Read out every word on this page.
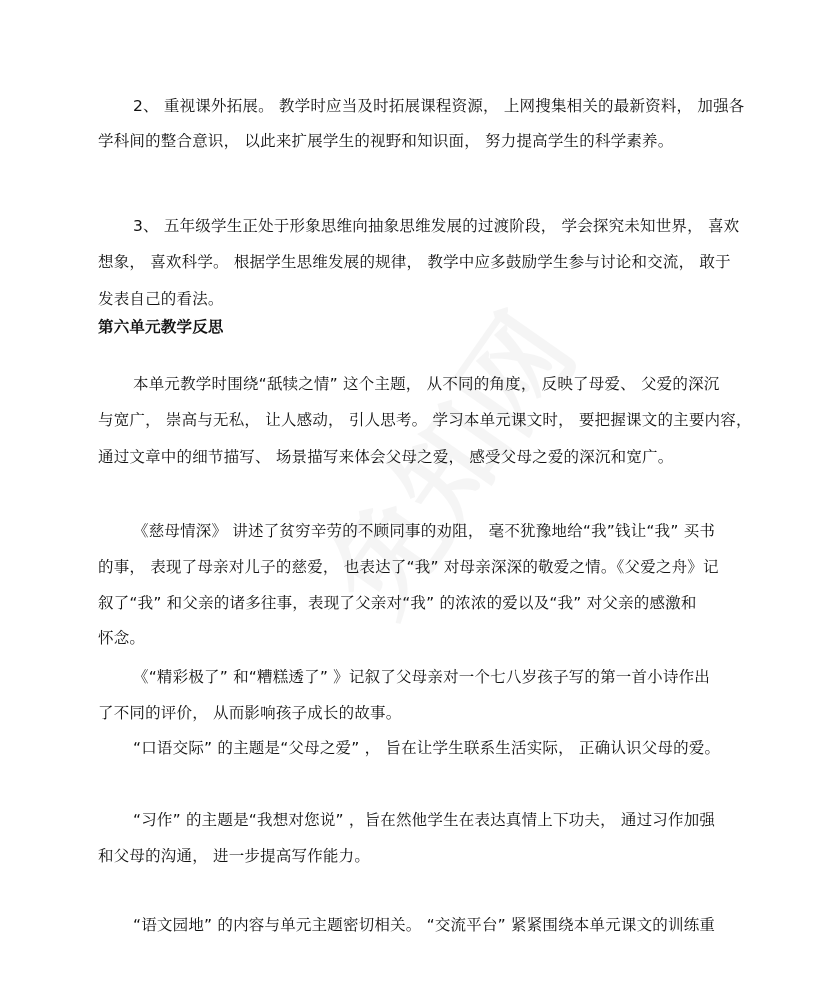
2、 重视课外拓展。 教学时应当及时拓展课程资源， 上网搜集相关的最新资料， 加强各
学科间的整合意识， 以此来扩展学生的视野和知识面， 努力提高学生的科学素养。
3、 五年级学生正处于形象思维向抽象思维发展的过渡阶段， 学会探究未知世界， 喜欢
想象， 喜欢科学。 根据学生思维发展的规律， 教学中应多鼓励学生参与讨论和交流， 敢于
发表自己的看法。
第六单元教学反思
本单元教学时围绕“舐犊之情” 这个主题， 从不同的角度， 反映了母爱、 父爱的深沉
与宽广， 崇高与无私， 让人感动， 引人思考。 学习本单元课文时， 要把握课文的主要内容，
通过文章中的细节描写、 场景描写来体会父母之爱， 感受父母之爱的深沉和宽广。
《慈母情深》 讲述了贫穷辛劳的不顾同事的劝阻， 毫不犹豫地给“我”钱让“我” 买书
的事， 表现了母亲对儿子的慈爱， 也表达了“我” 对母亲深深的敬爱之情。《父爱之舟》记
叙了“我” 和父亲的诸多往事，表现了父亲对“我” 的浓浓的爱以及“我” 对父亲的感激和
怀念。
《“精彩极了” 和“糟糕透了” 》记叙了父母亲对一个七八岁孩子写的第一首小诗作出
了不同的评价， 从而影响孩子成长的故事。
“口语交际” 的主题是“父母之爱” ， 旨在让学生联系生活实际， 正确认识父母的爱。
“习作” 的主题是“我想对您说” ，旨在然他学生在表达真情上下功夫， 通过习作加强
和父母的沟通， 进一步提高写作能力。
“语文园地” 的内容与单元主题密切相关。 “交流平台” 紧紧围绕本单元课文的训练重
